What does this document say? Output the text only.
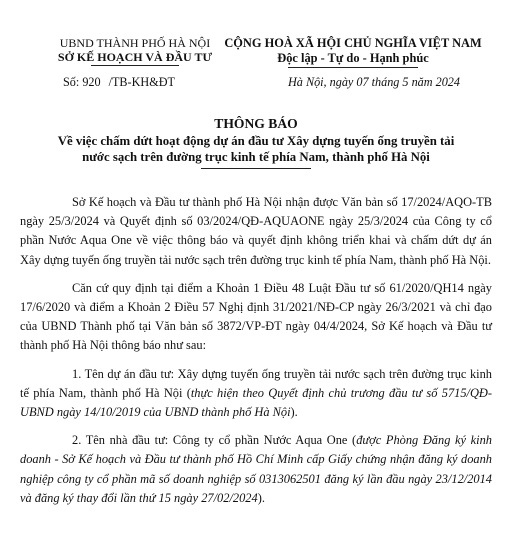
UBND THÀNH PHỐ HÀ NỘI
SỞ KẾ HOẠCH VÀ ĐẦU TƯ
CỘNG HOÀ XÃ HỘI CHỦ NGHĨA VIỆT NAM
Độc lập - Tự do - Hạnh phúc
Số: 920 /TB-KH&ĐT	Hà Nội, ngày 07 tháng 5 năm 2024
THÔNG BÁO
Về việc chấm dứt hoạt động dự án đầu tư Xây dựng tuyến ống truyền tải
nước sạch trên đường trục kinh tế phía Nam, thành phố Hà Nội

Sở Kế hoạch và Đầu tư thành phố Hà Nội nhận được Văn bản số 17/2024/AQO-TB ngày 25/3/2024 và Quyết định số 03/2024/QĐ-AQUAONE ngày 25/3/2024 của Công ty cổ phần Nước Aqua One về việc thông báo và quyết định không triển khai và chấm dứt dự án Xây dựng tuyến ống truyền tải nước sạch trên đường trục kinh tế phía Nam, thành phố Hà Nội.

Căn cứ quy định tại điểm a Khoản 1 Điều 48 Luật Đầu tư số 61/2020/QH14 ngày 17/6/2020 và điểm a Khoản 2 Điều 57 Nghị định 31/2021/NĐ-CP ngày 26/3/2021 và chỉ đạo của UBND Thành phố tại Văn bản số 3872/VP-ĐT ngày 04/4/2024, Sở Kế hoạch và Đầu tư thành phố Hà Nội thông báo như sau:

1. Tên dự án đầu tư: Xây dựng tuyến ống truyền tải nước sạch trên đường trục kinh tế phía Nam, thành phố Hà Nội (thực hiện theo Quyết định chủ trương đầu tư số 5715/QĐ-UBND ngày 14/10/2019 của UBND thành phố Hà Nội).

2. Tên nhà đầu tư: Công ty cổ phần Nước Aqua One (được Phòng Đăng ký kinh doanh - Sở Kế hoạch và Đầu tư thành phố Hồ Chí Minh cấp Giấy chứng nhận đăng ký doanh nghiệp công ty cổ phần mã số doanh nghiệp số 0313062501 đăng ký lần đầu ngày 23/12/2014 và đăng ký thay đổi lần thứ 15 ngày 27/02/2024).
